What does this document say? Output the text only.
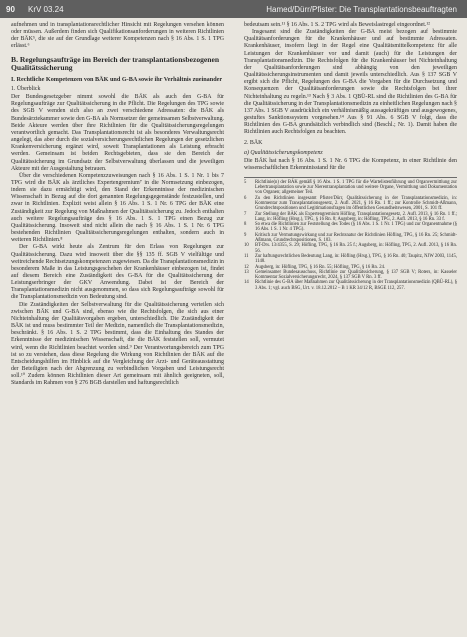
90 KrV 03.24	Hamed/Dürr/Pfister: Die Transplantationsbeauftragten

aufnehmen und in transplantationsrechtlicher Hinsicht mit Regelungen versehen können oder müssen. Außerdem finden sich Qualifikationsanforderungen in weiteren Richtlinien der BÄK⁵, die sie auf der Grundlage weiterer Kompetenzen nach § 16 Abs. 1 S. 1 TPG erlässt.⁶

B. Regelungsaufträge im Bereich der transplantationsbezogenen Qualitätssicherung
I. Rechtliche Kompetenzen von BÄK und G-BA sowie ihr Verhältnis zueinander
1. Überblick

Der Bundesgesetzgeber nimmt sowohl die BÄK als auch den G-BA für Regelungsaufträge zur Qualitätssicherung in die Pflicht. Die Regelungen des TPG sowie des SGB V wenden sich also an zwei verschiedene Adressaten: die BÄK als Bundesärztekammer sowie den G-BA als Normsetzer der gemeinsamen Selbstverwaltung. Beide Akteure werden über ihre Richtlinien für die Qualitätssicherungsregelungen verantwortlich gemacht. Das Transplantationsrecht ist als besonderes Verwaltungsrecht angelegt, das aber durch die sozialversicherungsrechtlichen Regelungen der gesetzlichen Krankenversicherung ergänzt wird, soweit Transplantationen als Leistung erbracht werden. Gemeinsam ist beiden Rechtsgebieten, dass sie den Bereich der Qualitätssicherung im Grundsatz der Selbstverwaltung überlassen und die jeweiligen Akteure mit der Ausgestaltung betrauen.

Über die verschiedenen Kompetenzzuweisungen nach § 16 Abs. 1 S. 1 Nr. 1 bis 7 TPG wird die BÄK als ärztliches Expertengremium⁷ in die Normsetzung einbezogen, indem sie dazu ermächtigt wird, den Stand der Erkenntnisse der medizinischen Wissenschaft in Bezug auf die dort genannten Regelungsgegenstände festzustellen, und zwar in Richtlinien. Explizit weist allein § 16 Abs. 1 S. 1 Nr. 6 TPG der BÄK eine Zuständigkeit zur Regelung von Maßnahmen der Qualitätssicherung zu. Jedoch enthalten auch weitere Regelungsaufträge des § 16 Abs. 1 S. 1 TPG einen Bezug zur Qualitätssicherung. Insoweit sind nicht allein die nach § 16 Abs. 1 S. 1 Nr. 6 TPG bestehenden Richtlinien Qualitätssicherungsregelungen enthalten, sondern auch in weiteren Richtlinien.⁸

Der G-BA wirkt heute als Zentrum für den Erlass von Regelungen zur Qualitätssicherung. Dazu wird insoweit über die §§ 135 ff. SGB V vielfältige und weitreichende Rechtsetzungskompetenzen zugewiesen. Da die Transplantationsmedizin in besonderem Maße in das Leistungsgeschehen der Krankenhäuser einbezogen ist, findet auf diesem Bereich eine Zuständigkeit des G-BA für die Qualitätssicherung der Leistungserbringer der GKV Anwendung. Dabei ist der Bereich der Transplantationsmedizin nicht ausgenommen, so dass sich Regelungsaufträge sowohl für die Transplantationsmedizin von Bedeutung sind.

Die Zuständigkeiten der Selbstverwaltung für die Qualitätssicherung verteilen sich zwischen BÄK und G-BA sind, ebenso wie die Rechtsfolgen, die sich aus einer Nichteinhaltung der Qualitätsvorgaben ergeben, unterschiedlich. Die Zuständigkeit der BÄK ist und muss bestimmter Teil der Medizin, namentlich die Transplantationsmedizin, beschränkt. § 16 Abs. 1 S. 2 TPG bestimmt, dass die Einhaltung des Standes der Erkenntnisse der medizinischen Wissenschaft, die die BÄK feststellen soll, vermutet wird, wenn die Richtlinien beachtet worden sind.⁹ Der Verantwortungsbereich zum TPG ist so zu verstehen, dass diese Regelung die Wirkung von Richtlinien der BÄK auf die Entscheidungshilfen im Hinblick auf die Vergleichung der Arzt- und Geräteausstattung der Beteiligten nach der Abgrenzung zu verbindlichen Vorgaben und Leistungsrecht soll.¹⁰ Zudem können Richtlinien dieser Art gemeinsam mit ähnlich geeigneten, soll, Standards im Rahmen von § 276 BGB darstellen und haftungsrechtlich

bedeutsam sein.¹¹ § 16 Abs. 1 S. 2 TPG wird als Beweislastregel eingeordnet.¹²

Insgesamt sind die Zuständigkeiten der G-BA meist bezogen auf bestimmte Qualitätsanforderungen für die Krankenhäuser und auf bestimmte Adressaten. Krankenhäuser, insofern liegt in der Regel eine Qualitätsmittelkompetenz für alle Leistungen der Krankenhäuser vor und damit (auch) für die Leistungen der Transplantationsmedizin. Die Rechtsfolgen für die Krankenhäuser bei Nichteinhaltung der Qualitätsanforderungen sind abhängig von den jeweiligen Qualitätssicherungsinstrumenten und damit jeweils unterschiedlich. Aus § 137 SGB V ergibt sich die Pflicht, Regelungen des G-BA die Vorgaben für die Durchsetzung und Konsequenzen der Qualitätsanforderungen sowie die Rechtsfolgen bei ihrer Nichteinhaltung zu regeln.¹³ Nach § 3 Abs. 1 QBÜ-RL sind die Richtlinien des G-BA für die Qualitätssicherung in der Transplantationsmedizin zu einheitlichen Regelungen nach § 137 Abs. 1 SGB V ausdrücklich ein verhältnismäßig aussagekräftiges und ausgewogenes, gestuftes Sanktionssystem vorgesehen.¹⁴ Aus § 91 Abs. 6 SGB V folgt, dass die Richtlinien des G-BA grundsätzlich verbindlich sind (Beschl.; Nr. 1). Damit haben die Richtlinien auch Rechtsfolgen zu beachten.

2. BÄK
a) Qualitätssicherungskompetenz

Die BÄK hat nach § 16 Abs. 1 S. 1 Nr. 6 TPG die Kompetenz, in einer Richtlinie den wissenschaftlichen Erkenntnisstand für die

5	Richtlinie(n) der BÄK gemäß § 16 Abs. 1 S. 1 TPG für die Wartelistenführung und Organvermittlung zur Lebertransplantation sowie zur Nierentransplantation und weitere Organe, Vermittlung und Dokumentation von Organen; allgemeiner Teil.
6	Zu den Richtlinien insgesamt Pfister/Dürr, Qualitätssicherung in der Transplantationsmedizin, in: Kommentar zum Transplantationsgesetz, 2. Aufl. 2021, § 16 Rn. 1 ff.; zur Kontrolle Schmidt-Aßmann, Grundrechtspositionen und Legitimationsfragen im öffentlichen Gesundheitswesen, 2001, S. 101 ff.
7	Zur Stellung der BÄK als Expertengremium Höfling, Transplantationsgesetz, 2. Aufl. 2013, § 16 Rn. 1 ff.; Lang, in: Höfling (Hrsg.), TPG, § 16 Rn. 8; Augsberg, in: Höfling, TPG, 2. Aufl. 2013, § 16 Rn. 33 f.
8	So etwa die Richtlinien zur Feststellung des Todes (§ 16 Abs. 1 S. 1 Nr. 1 TPG) und zur Organentnahme (§ 16 Abs. 1 S. 1 Nr. 4 TPG).
9	Kritisch zur Vermutungswirkung und zur Rechtsnatur der Richtlinien Höfling, TPG, § 16 Rn. 25; Schmidt-Aßmann, Grundrechtspositionen, S. 103.
10	BT-Drs. 13/4355, S. 29; Höfling, TPG, § 16 Rn. 25 f.; Augsberg, in: Höfling, TPG, 2. Aufl. 2013, § 16 Rn. 56.
11	Zur haftungsrechtlichen Bedeutung Lang, in: Höfling (Hrsg.), TPG, § 16 Rn. 40; Taupitz, NJW 2003, 1145, 1148.
12	Augsberg, in: Höfling, TPG, § 16 Rn. 55; Höfling, TPG, § 16 Rn. 24.
13	Gemeinsamer Bundesausschuss, Richtlinie zur Qualitätssicherung, § 137 SGB V; Roters, in: Kasseler Kommentar Sozialversicherungsrecht, 2024, § 137 SGB V Rn. 3 ff.
14	Richtlinie des G-BA über Maßnahmen zur Qualitätssicherung in der Transplantationsmedizin (QBÜ-RL), § 3 Abs. 1; vgl. auch BSG, Urt. v. 18.12.2012 – B 1 KR 34/12 R, BSGE 112, 257.
